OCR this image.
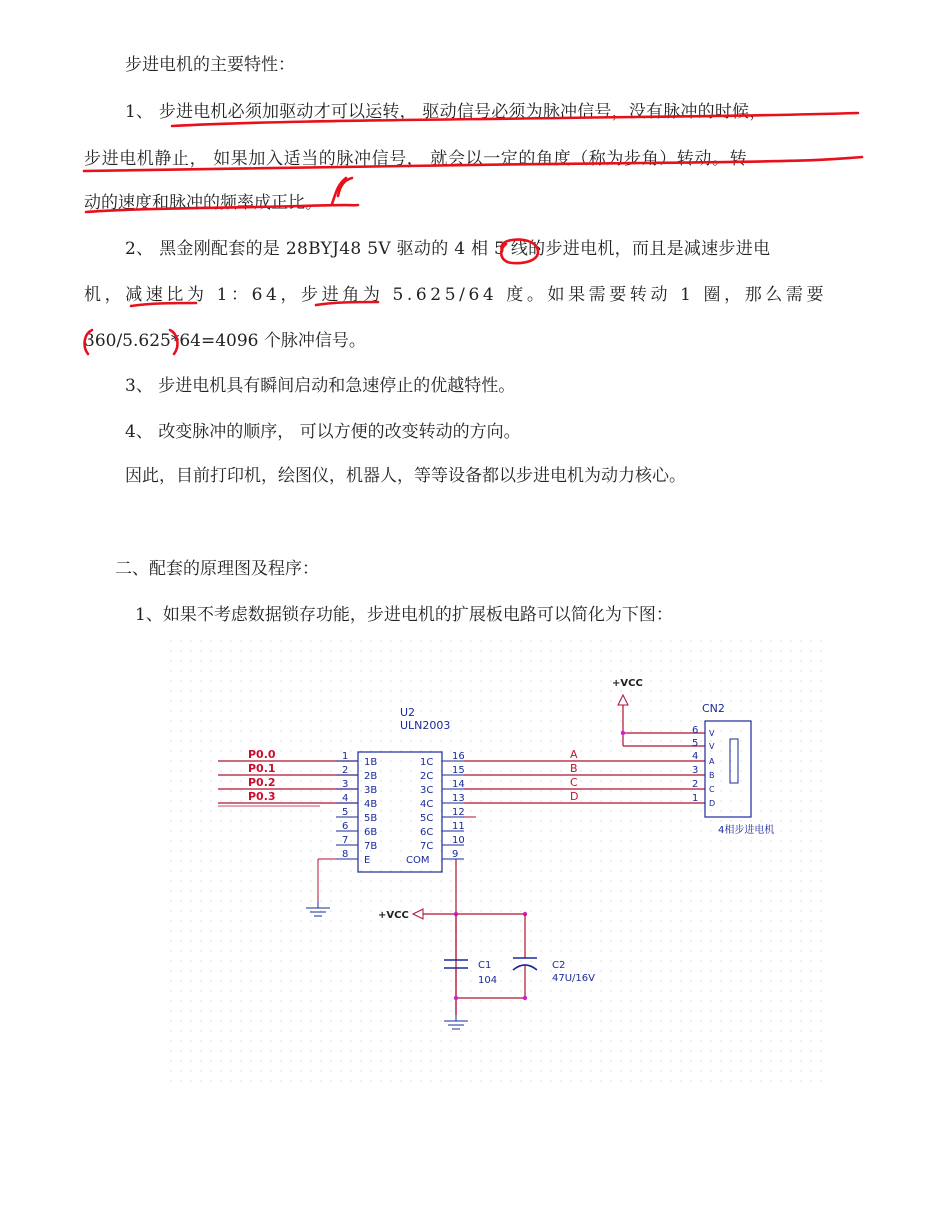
步进电机的主要特性：
1、 步进电机必须加驱动才可以运转， 驱动信号必须为脉冲信号，没有脉冲的时候，
步进电机静止， 如果加入适当的脉冲信号， 就会以一定的角度（称为步角）转动。转
动的速度和脉冲的频率成正比。
2、 黑金刚配套的是 28BYJ48 5V 驱动的 4 相 5 线的步进电机，而且是减速步进电
机，减速比为 1：64，步进角为 5.625/64 度。如果需要转动 1 圈，那么需要
360/5.625*64=4096 个脉冲信号。
3、 步进电机具有瞬间启动和急速停止的优越特性。
4、 改变脉冲的顺序， 可以方便的改变转动的方向。
因此，目前打印机，绘图仪，机器人，等等设备都以步进电机为动力核心。
二、配套的原理图及程序：
1、如果不考虑数据锁存功能，步进电机的扩展板电路可以简化为下图：
P0.0
P0.1
P0.2
P0.3
U2
ULN2003
1
2
3
4
5
6
7
8
1B
2B
3B
4B
5B
6B
7B
E
1C
2C
3C
4C
5C
6C
7C
COM
16
15
14
13
12
11
10
9
A
B
C
D
+VCC
CN2
6
5
4
3
2
1
V
V
A
B
C
D
4相步进电机
+VCC
C1
104
C2
47U/16V
